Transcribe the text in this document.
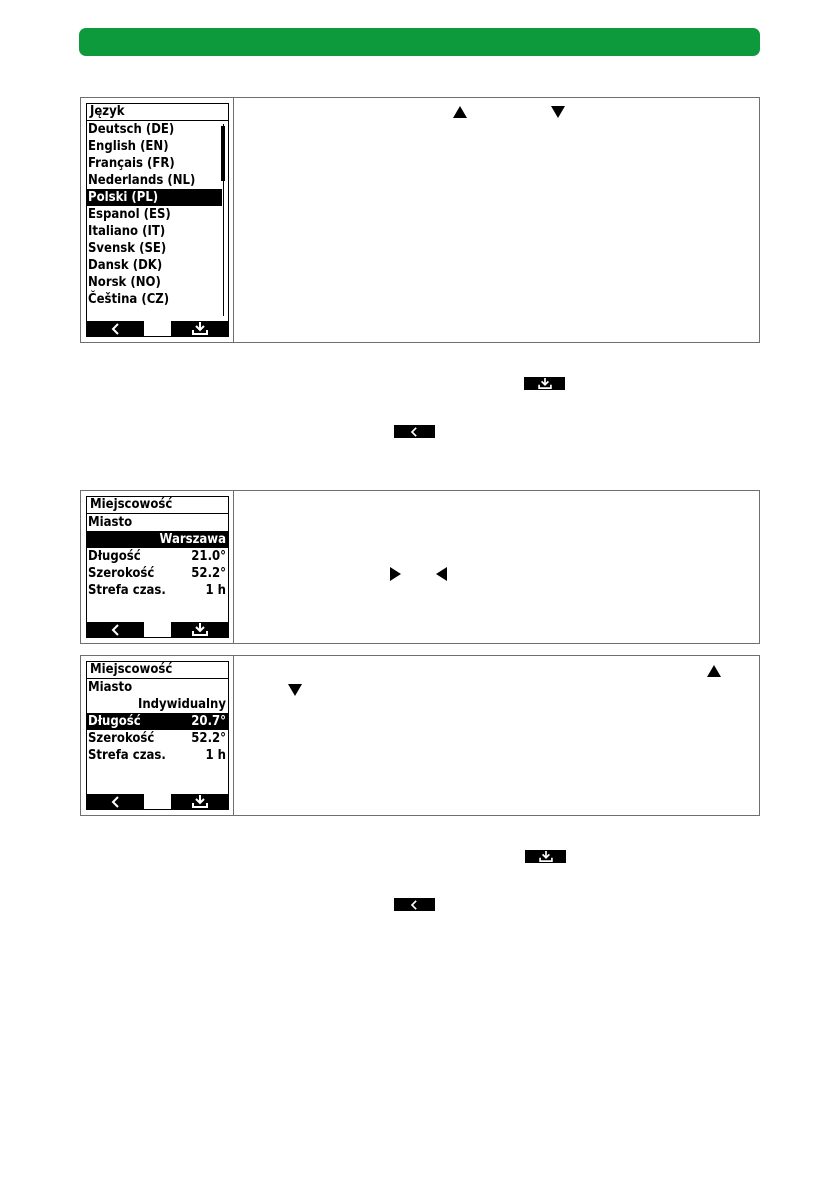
Język
Deutsch (DE)
English (EN)
Français (FR)
Nederlands (NL)
Polski (PL)
Espanol (ES)
Italiano (IT)
Svensk (SE)
Dansk (DK)
Norsk (NO)
Čeština (CZ)
Miejscowość
Miasto
Warszawa
Długość	21.0°
Szerokość	52.2°
Strefa czas.	1 h
Miejscowość
Miasto
Indywidualny
Długość	20.7°
Szerokość	52.2°
Strefa czas.	1 h
